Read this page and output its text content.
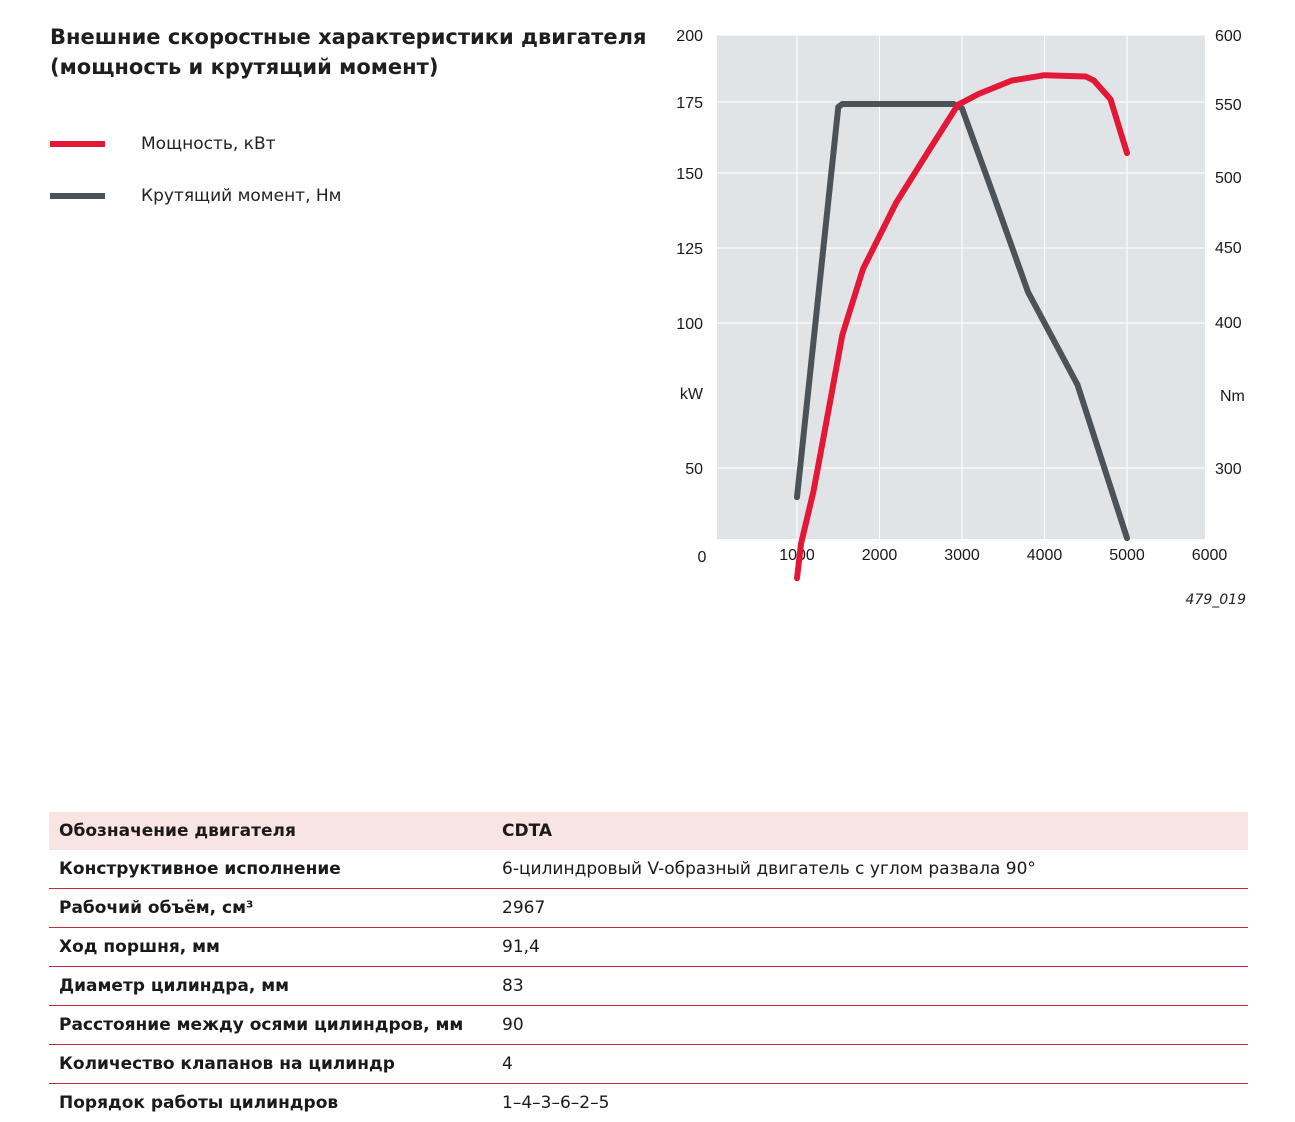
Внешние скоростные характеристики двигателя
(мощность и крутящий момент)
Мощность, кВт
Крутящий момент, Нм
1000	2000	3000	4000	5000	6000
0
50
100
125
150
175
200
kW
300
400
450
500
550
600
Nm
479_019
Обозначение двигателя	CDTA
Конструктивное исполнение	6-цилиндровый V-образный двигатель с углом развала 90°
Рабочий объём, см³	2967
Ход поршня, мм	91,4
Диаметр цилиндра, мм	83
Расстояние между осями цилиндров, мм	90
Количество клапанов на цилиндр	4
Порядок работы цилиндров	1–4–3–6–2–5
